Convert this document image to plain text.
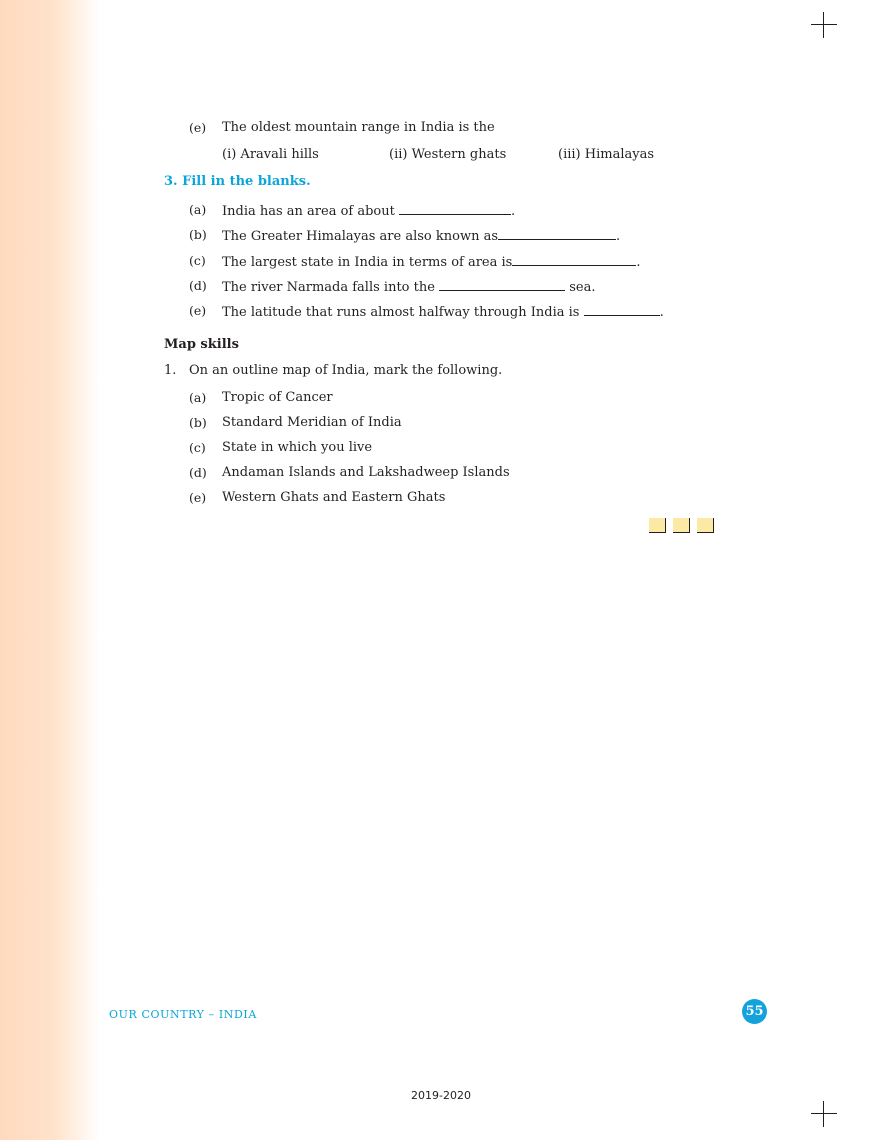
(e) The oldest mountain range in India is the
(i) Aravali hills	(ii) Western ghats	(iii) Himalayas
3. Fill in the blanks.
(a) India has an area of about	.
(b) The Greater Himalayas are also known as	.
(c) The largest state in India in terms of area is	.
(d) The river Narmada falls into the	sea.
(e) The latitude that runs almost halfway through India is	.
Map skills
1. On an outline map of India, mark the following.
(a) Tropic of Cancer
(b) Standard Meridian of India
(c) State in which you live
(d) Andaman Islands and Lakshadweep Islands
(e) Western Ghats and Eastern Ghats
OUR COUNTRY – INDIA	55
2019-2020
